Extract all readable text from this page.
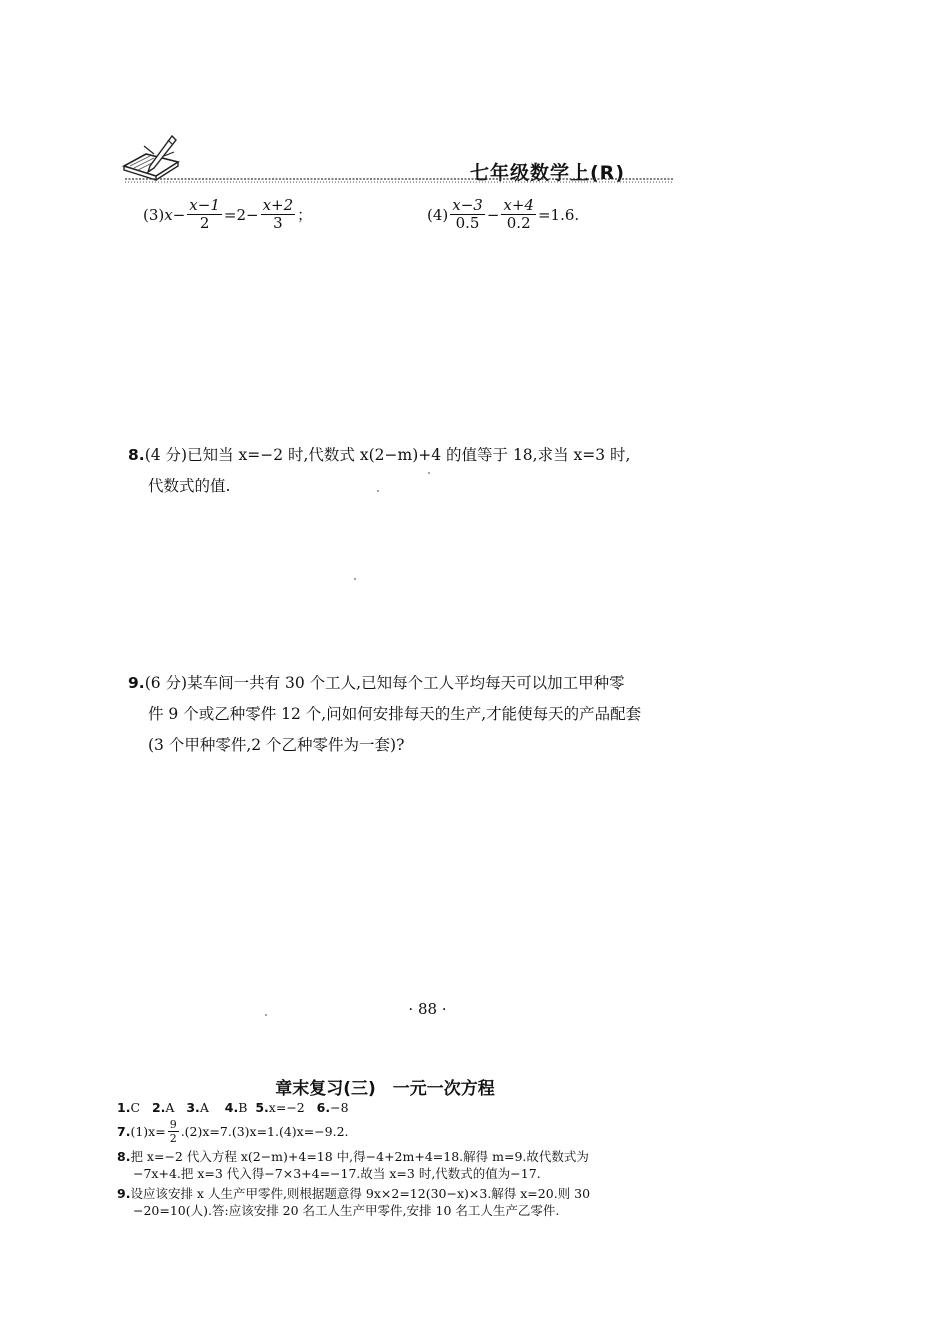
七年级数学上(R)
(3) $x - \frac{x-1}{2} =2- \frac{x+2}{3}$ ；	$(4) \frac{x-3}{0.5} - \frac{x+4}{0.2} =1.6$.
8.(4 分)已知当 x=−2 时,代数式 x(2−m)+4 的值等于 18,求当 x=3 时,
代数式的值.
9.(6 分)某车间一共有 30 个工人,已知每个工人平均每天可以加工甲种零
件 9 个或乙种零件 12 个,问如何安排每天的生产,才能使每天的产品配套
(3 个甲种零件,2 个乙种零件为一套)?
· 88 ·
章末复习(三)　一元一次方程
1.C 2.A 3.A 4.B 5.x=−2 6.−8
7. $(1)x= \frac{9}{2} .(2)x=7.(3)x=1.(4)x=-9.2$.
8.把 x=−2 代入方程 x(2−m)+4=18 中,得−4+2m+4=18.解得 m=9.故代数式为
−7x+4.把 x=3 代入得−7×3+4=−17.故当 x=3 时,代数式的值为−17.
9.设应该安排 x 人生产甲零件,则根据题意得 9x×2=12(30−x)×3.解得 x=20.则 30
−20=10(人).答:应该安排 20 名工人生产甲零件,安排 10 名工人生产乙零件.
